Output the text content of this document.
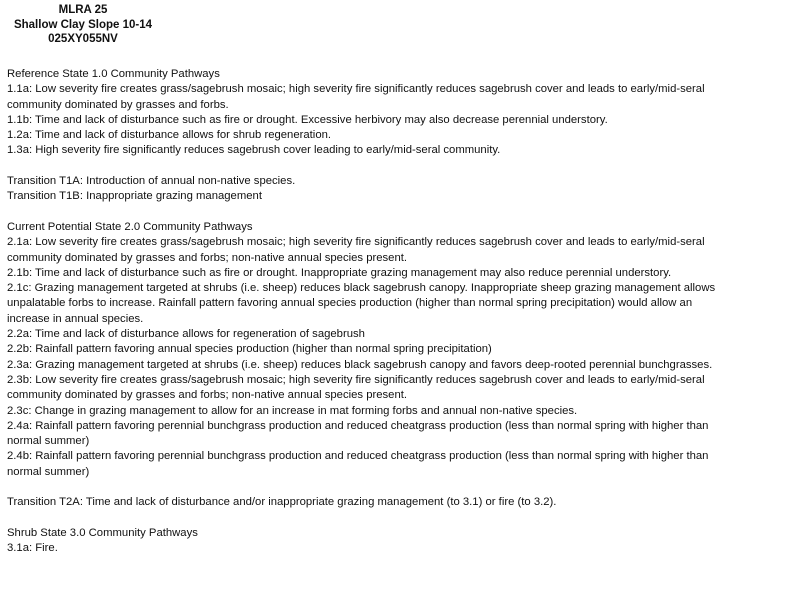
MLRA 25
Shallow Clay Slope 10-14
025XY055NV
Reference State 1.0 Community Pathways
1.1a: Low severity fire creates grass/sagebrush mosaic; high severity fire significantly reduces sagebrush cover and leads to early/mid-seral
community dominated by grasses and forbs.
1.1b: Time and lack of disturbance such as fire or drought. Excessive herbivory may also decrease perennial understory.
1.2a: Time and lack of disturbance allows for shrub regeneration.
1.3a: High severity fire significantly reduces sagebrush cover leading to early/mid-seral community.
Transition T1A: Introduction of annual non-native species.
Transition T1B: Inappropriate grazing management
Current Potential State 2.0 Community Pathways
2.1a: Low severity fire creates grass/sagebrush mosaic; high severity fire significantly reduces sagebrush cover and leads to early/mid-seral
community dominated by grasses and forbs; non-native annual species present.
2.1b: Time and lack of disturbance such as fire or drought. Inappropriate grazing management may also reduce perennial understory.
2.1c: Grazing management targeted at shrubs (i.e. sheep) reduces black sagebrush canopy. Inappropriate sheep grazing management allows
unpalatable forbs to increase. Rainfall pattern favoring annual species production (higher than normal spring precipitation) would allow an
increase in annual species.
2.2a: Time and lack of disturbance allows for regeneration of sagebrush
2.2b: Rainfall pattern favoring annual species production (higher than normal spring precipitation)
2.3a: Grazing management targeted at shrubs (i.e. sheep) reduces black sagebrush canopy and favors deep-rooted perennial bunchgrasses.
2.3b: Low severity fire creates grass/sagebrush mosaic; high severity fire significantly reduces sagebrush cover and leads to early/mid-seral
community dominated by grasses and forbs; non-native annual species present.
2.3c: Change in grazing management to allow for an increase in mat forming forbs and annual non-native species.
2.4a: Rainfall pattern favoring perennial bunchgrass production and reduced cheatgrass production (less than normal spring with higher than
normal summer)
2.4b: Rainfall pattern favoring perennial bunchgrass production and reduced cheatgrass production (less than normal spring with higher than
normal summer)
Transition T2A: Time and lack of disturbance and/or inappropriate grazing management (to 3.1) or fire (to 3.2).
Shrub State 3.0 Community Pathways
3.1a: Fire.
